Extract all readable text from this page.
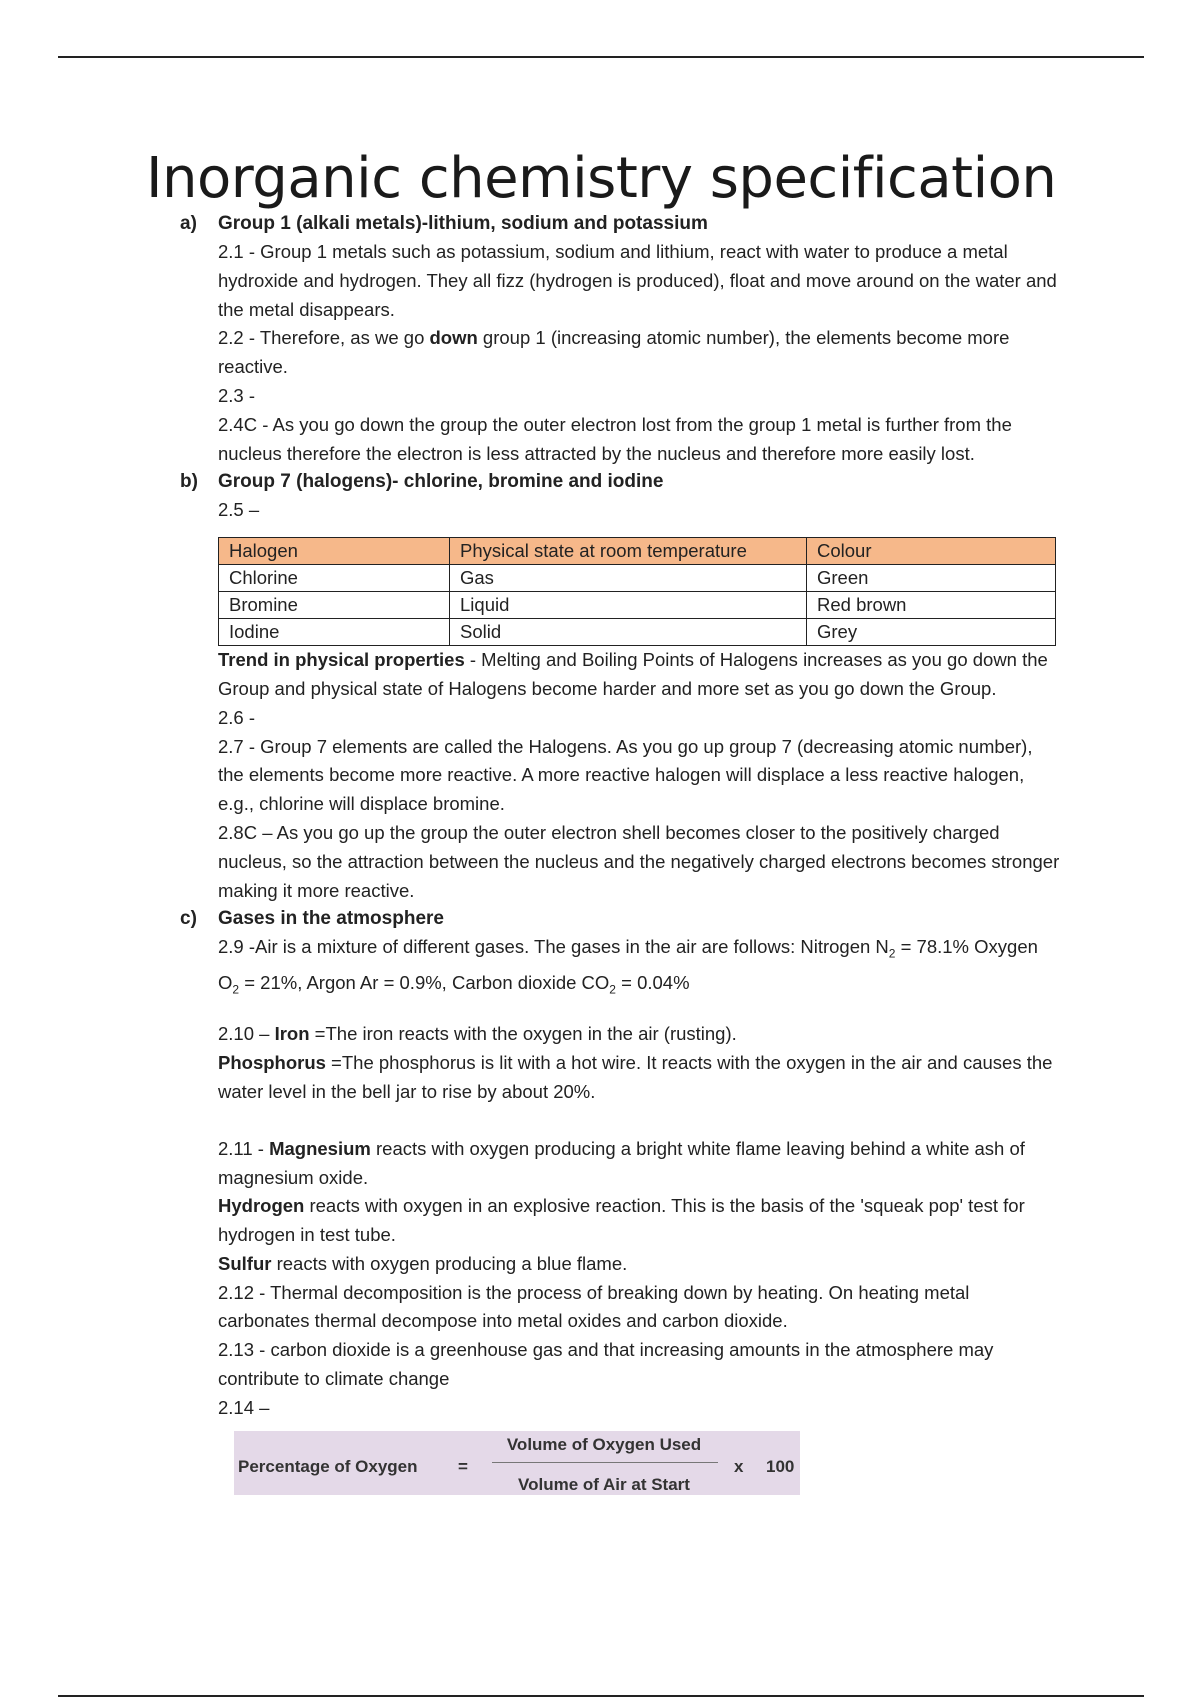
Inorganic chemistry specification
a) Group 1 (alkali metals)-lithium, sodium and potassium

2.1 - Group 1 metals such as potassium, sodium and lithium, react with water to produce a metal hydroxide and hydrogen. They all fizz (hydrogen is produced), float and move around on the water and the metal disappears.

2.2 - Therefore, as we go down group 1 (increasing atomic number), the elements become more reactive.

2.3 -

2.4C - As you go down the group the outer electron lost from the group 1 metal is further from the nucleus therefore the electron is less attracted by the nucleus and therefore more easily lost.

b) Group 7 (halogens)- chlorine, bromine and iodine

2.5 –

Halogen	Physical state at room temperature	Colour
Chlorine	Gas	Green
Bromine	Liquid	Red brown
Iodine	Solid	Grey

Trend in physical properties - Melting and Boiling Points of Halogens increases as you go down the Group and physical state of Halogens become harder and more set as you go down the Group.

2.6 -

2.7 - Group 7 elements are called the Halogens. As you go up group 7 (decreasing atomic number), the elements become more reactive. A more reactive halogen will displace a less reactive halogen, e.g., chlorine will displace bromine.

2.8C – As you go up the group the outer electron shell becomes closer to the positively charged nucleus, so the attraction between the nucleus and the negatively charged electrons becomes stronger making it more reactive.

c) Gases in the atmosphere

2.9 -Air is a mixture of different gases. The gases in the air are follows: Nitrogen $N_2 = 78.1\%$ Oxygen $O_2 = 21\%$, Argon Ar = 0.9%, Carbon dioxide $CO_2 = 0.04\%$

2.10 – Iron =The iron reacts with the oxygen in the air (rusting).

Phosphorus =The phosphorus is lit with a hot wire. It reacts with the oxygen in the air and causes the water level in the bell jar to rise by about 20%.

2.11 - Magnesium reacts with oxygen producing a bright white flame leaving behind a white ash of magnesium oxide.

Hydrogen reacts with oxygen in an explosive reaction. This is the basis of the 'squeak pop' test for hydrogen in test tube.

Sulfur reacts with oxygen producing a blue flame.

2.12 - Thermal decomposition is the process of breaking down by heating. On heating metal carbonates thermal decompose into metal oxides and carbon dioxide.

2.13 - carbon dioxide is a greenhouse gas and that increasing amounts in the atmosphere may contribute to climate change

2.14 –

Percentage of Oxygen =
Volume of Oxygen Used
Volume of Air at Start
x 100
